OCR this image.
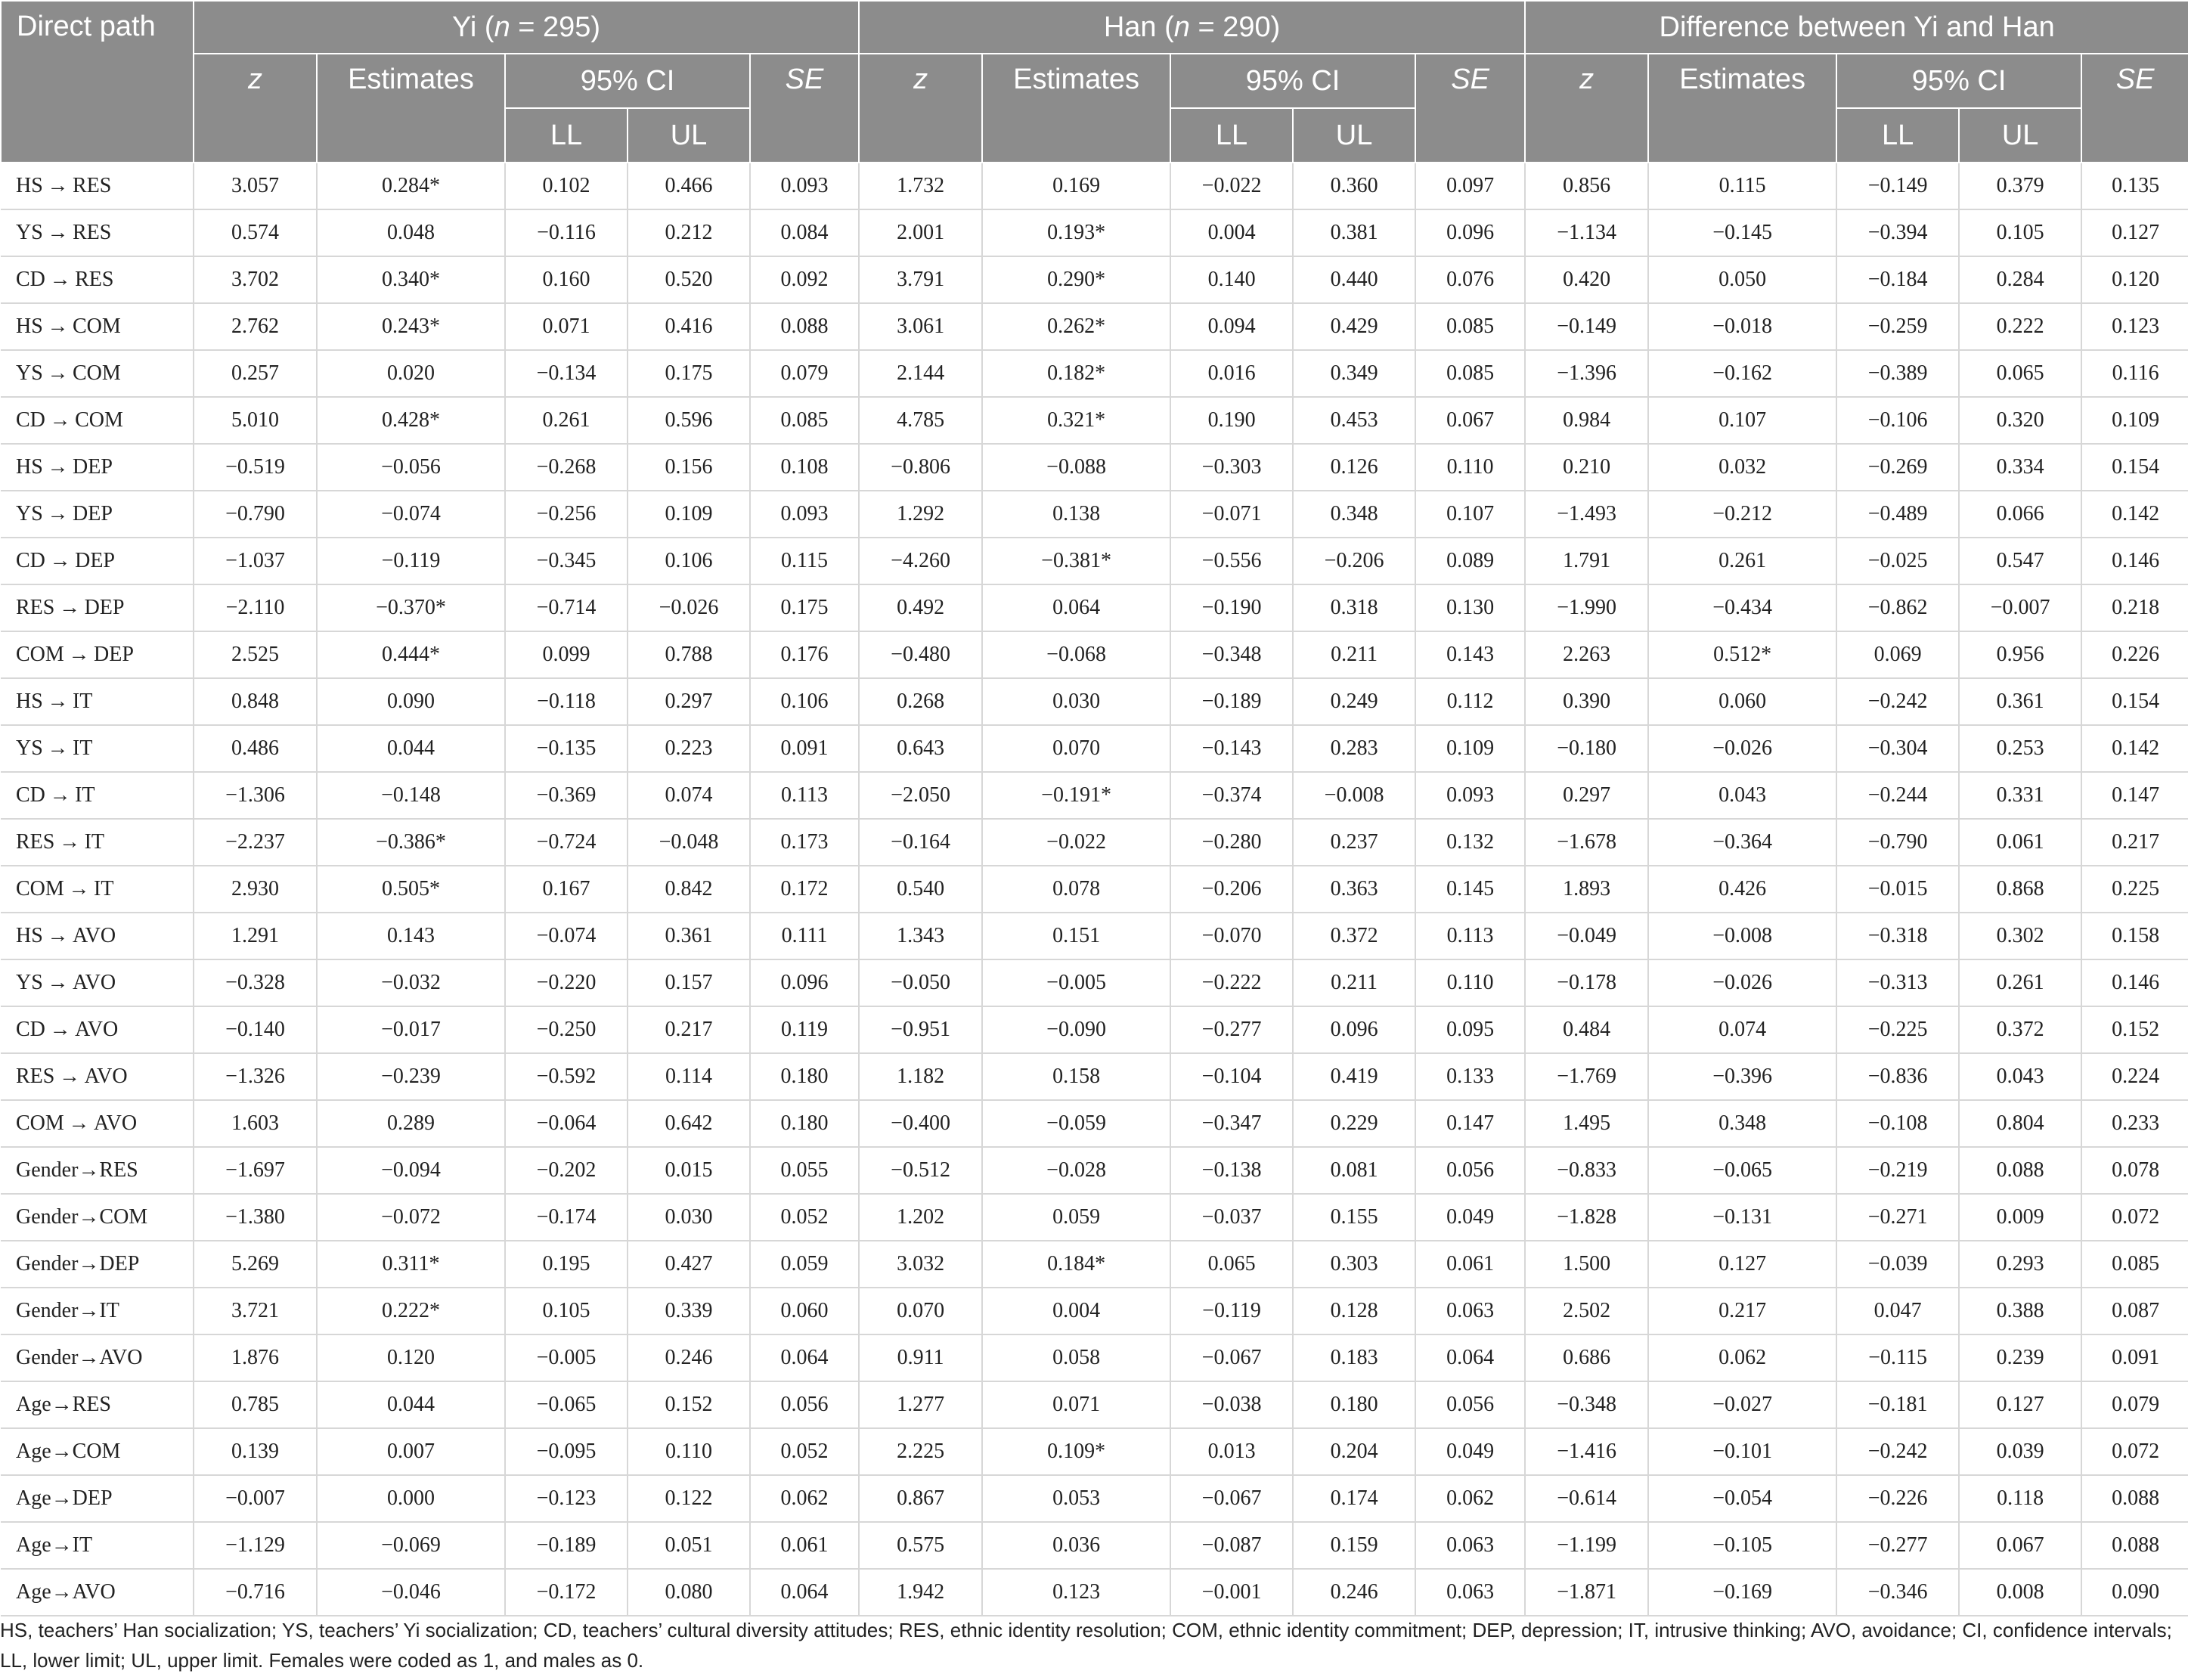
Direct path	Yi (n = 295)					Han (n = 290)					Difference between Yi and Han				
	z	Estimates	95% CI		SE	z	Estimates	95% CI		SE	z	Estimates	95% CI		SE
			LL	UL				LL	UL				LL	UL	
HS → RES	3.057	0.284*	0.102	0.466	0.093	1.732	0.169	−0.022	0.360	0.097	0.856	0.115	−0.149	0.379	0.135
YS → RES	0.574	0.048	−0.116	0.212	0.084	2.001	0.193*	0.004	0.381	0.096	−1.134	−0.145	−0.394	0.105	0.127
CD → RES	3.702	0.340*	0.160	0.520	0.092	3.791	0.290*	0.140	0.440	0.076	0.420	0.050	−0.184	0.284	0.120
HS → COM	2.762	0.243*	0.071	0.416	0.088	3.061	0.262*	0.094	0.429	0.085	−0.149	−0.018	−0.259	0.222	0.123
YS → COM	0.257	0.020	−0.134	0.175	0.079	2.144	0.182*	0.016	0.349	0.085	−1.396	−0.162	−0.389	0.065	0.116
CD → COM	5.010	0.428*	0.261	0.596	0.085	4.785	0.321*	0.190	0.453	0.067	0.984	0.107	−0.106	0.320	0.109
HS → DEP	−0.519	−0.056	−0.268	0.156	0.108	−0.806	−0.088	−0.303	0.126	0.110	0.210	0.032	−0.269	0.334	0.154
YS → DEP	−0.790	−0.074	−0.256	0.109	0.093	1.292	0.138	−0.071	0.348	0.107	−1.493	−0.212	−0.489	0.066	0.142
CD → DEP	−1.037	−0.119	−0.345	0.106	0.115	−4.260	−0.381*	−0.556	−0.206	0.089	1.791	0.261	−0.025	0.547	0.146
RES → DEP	−2.110	−0.370*	−0.714	−0.026	0.175	0.492	0.064	−0.190	0.318	0.130	−1.990	−0.434	−0.862	−0.007	0.218
COM → DEP	2.525	0.444*	0.099	0.788	0.176	−0.480	−0.068	−0.348	0.211	0.143	2.263	0.512*	0.069	0.956	0.226
HS → IT	0.848	0.090	−0.118	0.297	0.106	0.268	0.030	−0.189	0.249	0.112	0.390	0.060	−0.242	0.361	0.154
YS → IT	0.486	0.044	−0.135	0.223	0.091	0.643	0.070	−0.143	0.283	0.109	−0.180	−0.026	−0.304	0.253	0.142
CD → IT	−1.306	−0.148	−0.369	0.074	0.113	−2.050	−0.191*	−0.374	−0.008	0.093	0.297	0.043	−0.244	0.331	0.147
RES → IT	−2.237	−0.386*	−0.724	−0.048	0.173	−0.164	−0.022	−0.280	0.237	0.132	−1.678	−0.364	−0.790	0.061	0.217
COM → IT	2.930	0.505*	0.167	0.842	0.172	0.540	0.078	−0.206	0.363	0.145	1.893	0.426	−0.015	0.868	0.225
HS → AVO	1.291	0.143	−0.074	0.361	0.111	1.343	0.151	−0.070	0.372	0.113	−0.049	−0.008	−0.318	0.302	0.158
YS → AVO	−0.328	−0.032	−0.220	0.157	0.096	−0.050	−0.005	−0.222	0.211	0.110	−0.178	−0.026	−0.313	0.261	0.146
CD → AVO	−0.140	−0.017	−0.250	0.217	0.119	−0.951	−0.090	−0.277	0.096	0.095	0.484	0.074	−0.225	0.372	0.152
RES → AVO	−1.326	−0.239	−0.592	0.114	0.180	1.182	0.158	−0.104	0.419	0.133	−1.769	−0.396	−0.836	0.043	0.224
COM → AVO	1.603	0.289	−0.064	0.642	0.180	−0.400	−0.059	−0.347	0.229	0.147	1.495	0.348	−0.108	0.804	0.233
Gender→RES	−1.697	−0.094	−0.202	0.015	0.055	−0.512	−0.028	−0.138	0.081	0.056	−0.833	−0.065	−0.219	0.088	0.078
Gender→COM	−1.380	−0.072	−0.174	0.030	0.052	1.202	0.059	−0.037	0.155	0.049	−1.828	−0.131	−0.271	0.009	0.072
Gender→DEP	5.269	0.311*	0.195	0.427	0.059	3.032	0.184*	0.065	0.303	0.061	1.500	0.127	−0.039	0.293	0.085
Gender→IT	3.721	0.222*	0.105	0.339	0.060	0.070	0.004	−0.119	0.128	0.063	2.502	0.217	0.047	0.388	0.087
Gender→AVO	1.876	0.120	−0.005	0.246	0.064	0.911	0.058	−0.067	0.183	0.064	0.686	0.062	−0.115	0.239	0.091
Age→RES	0.785	0.044	−0.065	0.152	0.056	1.277	0.071	−0.038	0.180	0.056	−0.348	−0.027	−0.181	0.127	0.079
Age→COM	0.139	0.007	−0.095	0.110	0.052	2.225	0.109*	0.013	0.204	0.049	−1.416	−0.101	−0.242	0.039	0.072
Age→DEP	−0.007	0.000	−0.123	0.122	0.062	0.867	0.053	−0.067	0.174	0.062	−0.614	−0.054	−0.226	0.118	0.088
Age→IT	−1.129	−0.069	−0.189	0.051	0.061	0.575	0.036	−0.087	0.159	0.063	−1.199	−0.105	−0.277	0.067	0.088
Age→AVO	−0.716	−0.046	−0.172	0.080	0.064	1.942	0.123	−0.001	0.246	0.063	−1.871	−0.169	−0.346	0.008	0.090
HS, teachers’ Han socialization; YS, teachers’ Yi socialization; CD, teachers’ cultural diversity attitudes; RES, ethnic identity resolution; COM, ethnic identity commitment; DEP, depression; IT, intrusive thinking; AVO, avoidance; CI, confidence intervals; LL, lower limit; UL, upper limit. Females were coded as 1, and males as 0.
